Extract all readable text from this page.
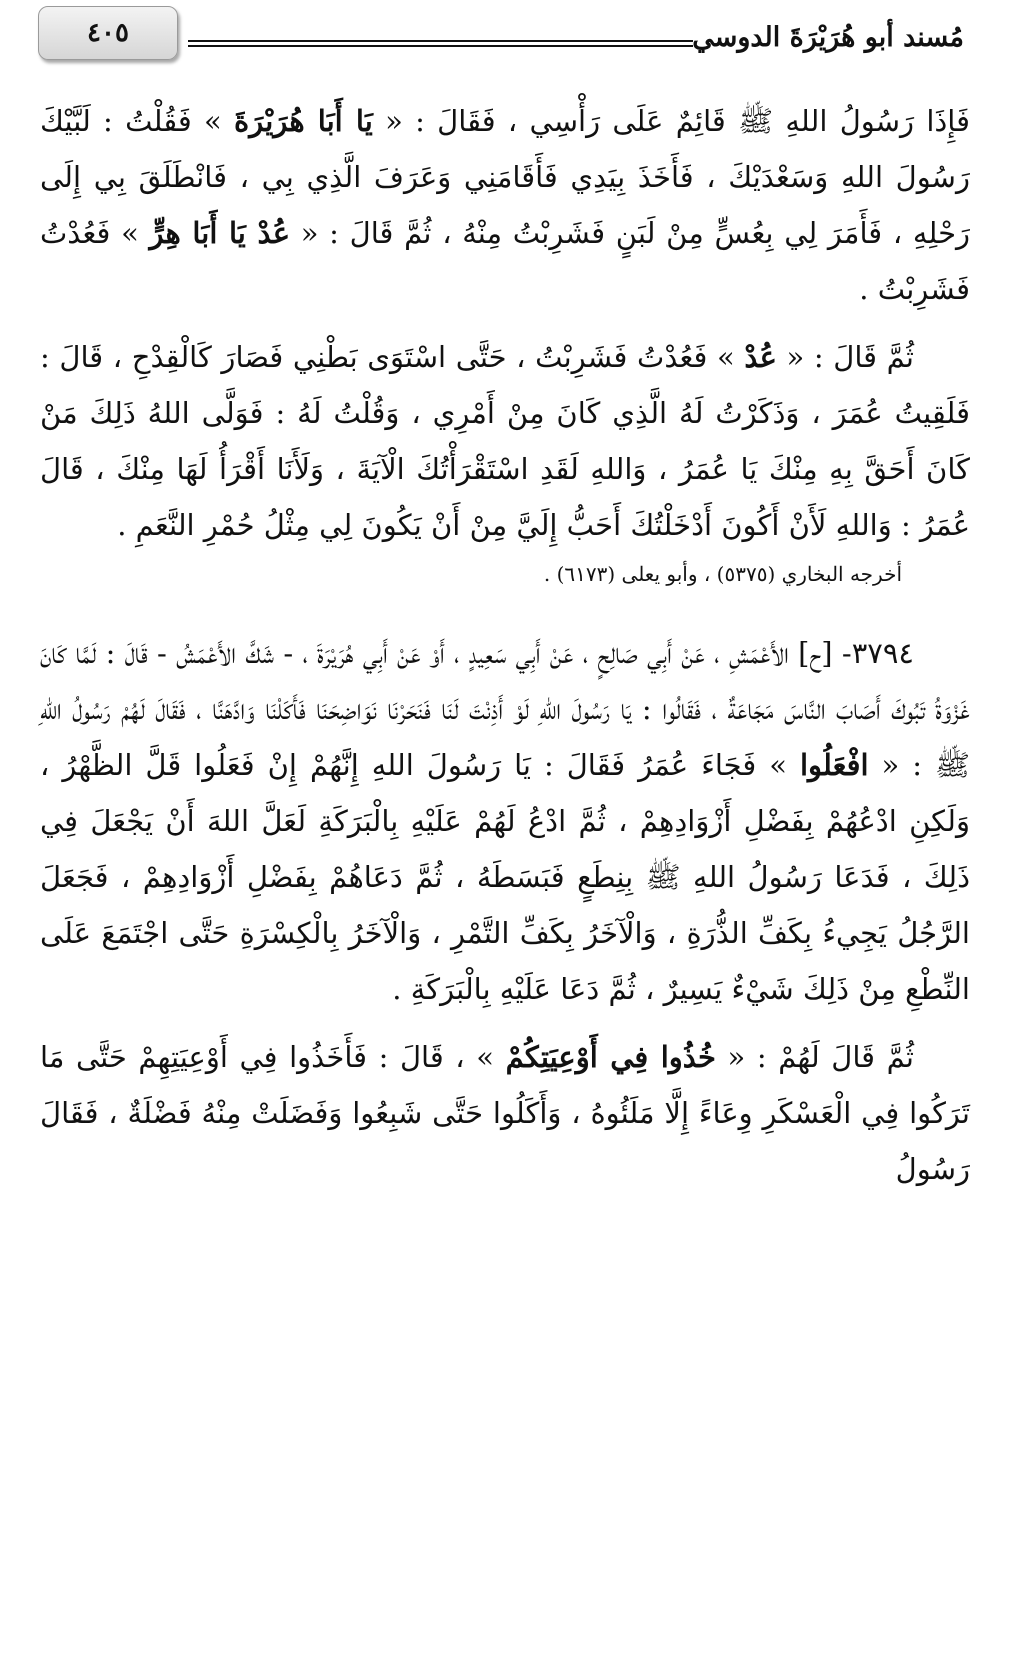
مُسند أبو هُرَيْرَةَ الدوسي
٤٠٥

فَإِذَا رَسُولُ اللهِ ﷺ قَائِمٌ عَلَى رَأْسِي ، فَقَالَ : « يَا أَبَا هُرَيْرَةَ » فَقُلْتُ : لَبَّيْكَ رَسُولَ اللهِ وَسَعْدَيْكَ ، فَأَخَذَ بِيَدِي فَأَقَامَنِي وَعَرَفَ الَّذِي بِي ، فَانْطَلَقَ بِي إِلَى رَحْلِهِ ، فَأَمَرَ لِي بِعُسٍّ مِنْ لَبَنٍ فَشَرِبْتُ مِنْهُ ، ثُمَّ قَالَ : « عُدْ يَا أَبَا هِرٍّ » فَعُدْتُ فَشَرِبْتُ .

ثُمَّ قَالَ : « عُدْ » فَعُدْتُ فَشَرِبْتُ ، حَتَّى اسْتَوَى بَطْنِي فَصَارَ كَالْقِدْحِ ، قَالَ : فَلَقِيتُ عُمَرَ ، وَذَكَرْتُ لَهُ الَّذِي كَانَ مِنْ أَمْرِي ، وَقُلْتُ لَهُ : فَوَلَّى اللهُ ذَلِكَ مَنْ كَانَ أَحَقَّ بِهِ مِنْكَ يَا عُمَرُ ، وَاللهِ لَقَدِ اسْتَقْرَأْتُكَ الْآيَةَ ، وَلَأَنَا أَقْرَأُ لَهَا مِنْكَ ، قَالَ عُمَرُ : وَاللهِ لَأَنْ أَكُونَ أَدْخَلْتُكَ أَحَبُّ إِلَيَّ مِنْ أَنْ يَكُونَ لِي مِثْلُ حُمْرِ النَّعَمِ .

أخرجه البخاري (٥٣٧٥) ، وأبو يعلى (٦١٧٣) .

٣٧٩٤- [ح] الأَعْمَشِ ، عَنْ أَبِي صَالِحٍ ، عَنْ أَبِي سَعِيدٍ ، أَوْ عَنْ أَبِي هُرَيْرَةَ ، - شَكَّ الأَعْمَشُ - قَالَ : لَمَّا كَانَ غَزْوَةُ تَبُوكَ أَصَابَ النَّاسَ مَجَاعَةٌ ، فَقَالُوا : يَا رَسُولَ اللهِ لَوْ أَذِنْتَ لَنَا فَنَحَرْنَا نَوَاضِحَنَا فَأَكَلْنَا وَادَّهَنَّا ، فَقَالَ لَهُمْ رَسُولُ اللهِ ﷺ : « افْعَلُوا » فَجَاءَ عُمَرُ فَقَالَ : يَا رَسُولَ اللهِ إِنَّهُمْ إِنْ فَعَلُوا قَلَّ الظَّهْرُ ، وَلَكِنِ ادْعُهُمْ بِفَضْلِ أَزْوَادِهِمْ ، ثُمَّ ادْعُ لَهُمْ عَلَيْهِ بِالْبَرَكَةِ لَعَلَّ اللهَ أَنْ يَجْعَلَ فِي ذَلِكَ ، فَدَعَا رَسُولُ اللهِ ﷺ بِنِطَعٍ فَبَسَطَهُ ، ثُمَّ دَعَاهُمْ بِفَضْلِ أَزْوَادِهِمْ ، فَجَعَلَ الرَّجُلُ يَجِيءُ بِكَفِّ الذُّرَةِ ، وَالْآخَرُ بِكَفِّ التَّمْرِ ، وَالْآخَرُ بِالْكِسْرَةِ حَتَّى اجْتَمَعَ عَلَى النِّطْعِ مِنْ ذَلِكَ شَيْءٌ يَسِيرٌ ، ثُمَّ دَعَا عَلَيْهِ بِالْبَرَكَةِ .

ثُمَّ قَالَ لَهُمْ : « خُذُوا فِي أَوْعِيَتِكُمْ » ، قَالَ : فَأَخَذُوا فِي أَوْعِيَتِهِمْ حَتَّى مَا تَرَكُوا فِي الْعَسْكَرِ وِعَاءً إِلَّا مَلَئُوهُ ، وَأَكَلُوا حَتَّى شَبِعُوا وَفَضَلَتْ مِنْهُ فَضْلَةٌ ، فَقَالَ رَسُولُ
